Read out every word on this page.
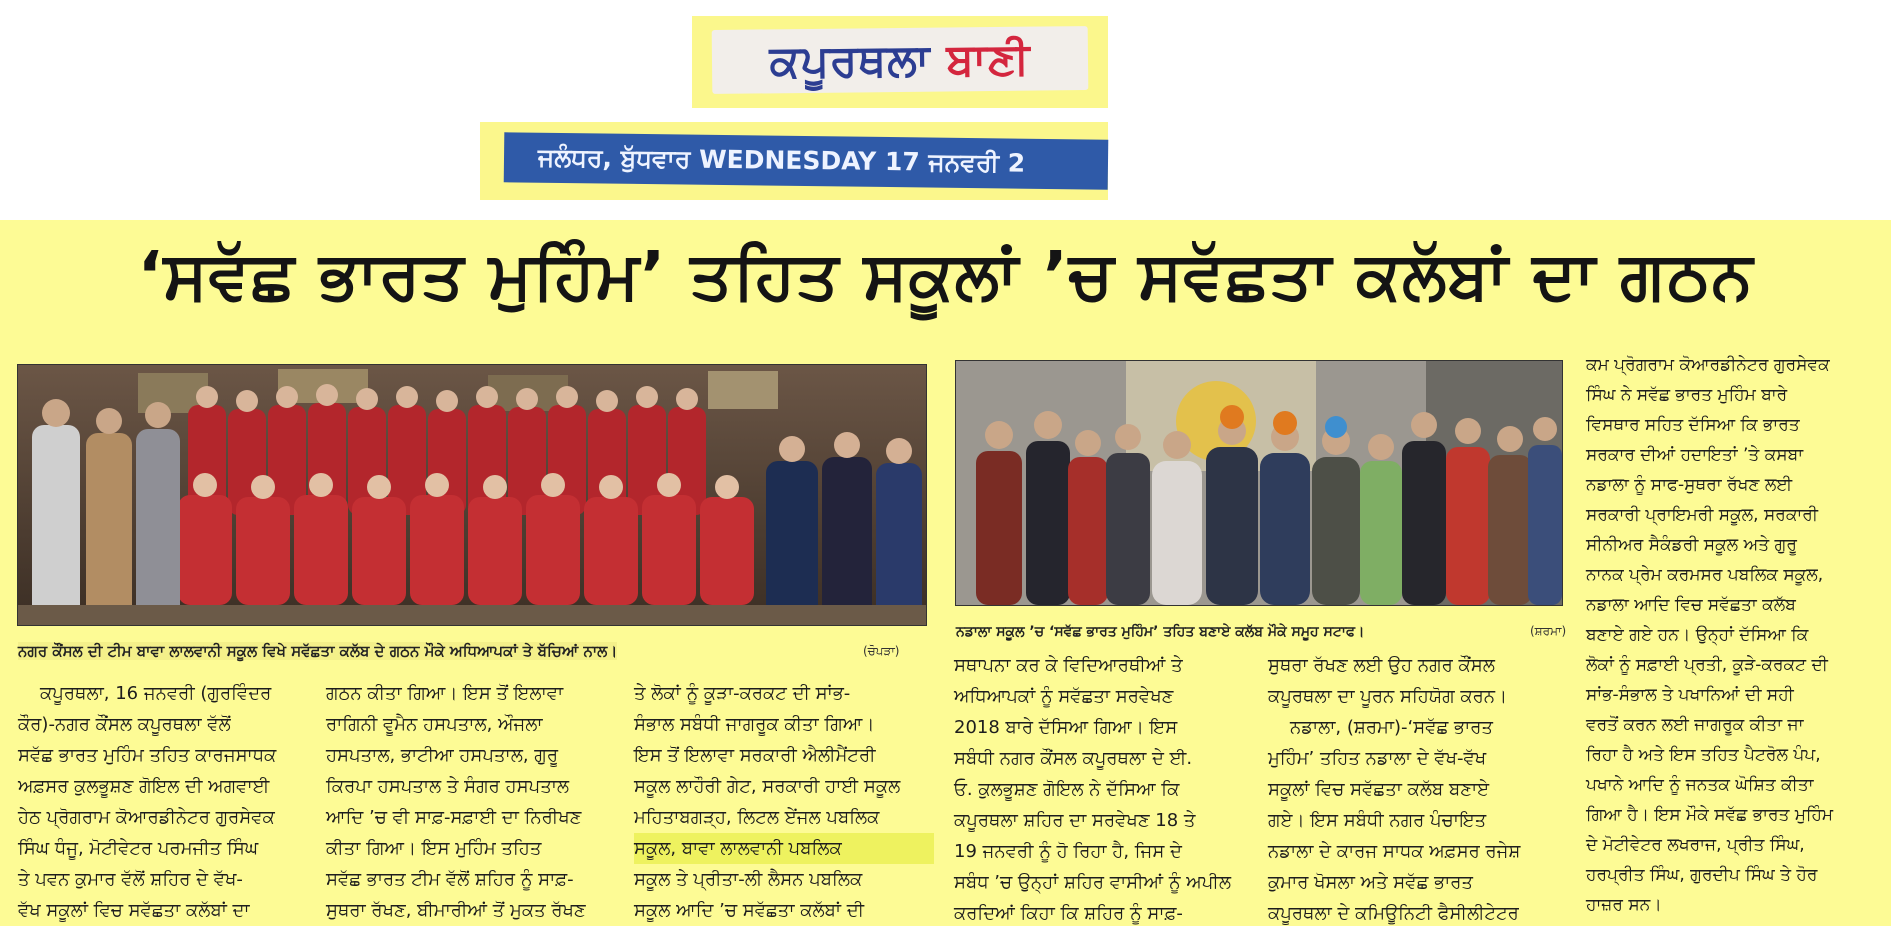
ਕਪੂਰਥਲਾ ਬਾਣੀ
ਜਲੰਧਰ, ਬੁੱਧਵਾਰ WEDNESDAY 17 ਜਨਵਰੀ 2
‘ਸਵੱਛ ਭਾਰਤ ਮੁਹਿੰਮ’ ਤਹਿਤ ਸਕੂਲਾਂ ’ਚ ਸਵੱਛਤਾ ਕਲੱਬਾਂ ਦਾ ਗਠਨ
ਨਗਰ ਕੌਂਸਲ ਦੀ ਟੀਮ ਬਾਵਾ ਲਾਲਵਾਨੀ ਸਕੂਲ ਵਿਖੇ ਸਵੱਛਤਾ ਕਲੱਬ ਦੇ ਗਠਨ ਮੌਕੇ ਅਧਿਆਪਕਾਂ ਤੇ ਬੱਚਿਆਂ ਨਾਲ।	(ਚੋਪੜਾ)
ਨਡਾਲਾ ਸਕੂਲ ’ਚ ‘ਸਵੱਛ ਭਾਰਤ ਮੁਹਿੰਮ’ ਤਹਿਤ ਬਣਾਏ ਕਲੱਬ ਮੌਕੇ ਸਮੂਹ ਸਟਾਫ।	(ਸ਼ਰਮਾ)

ਕਪੂਰਥਲਾ, 16 ਜਨਵਰੀ (ਗੁਰਵਿੰਦਰ

ਕੌਰ)-ਨਗਰ ਕੌਂਸਲ ਕਪੂਰਥਲਾ ਵੱਲੋਂ

ਸਵੱਛ ਭਾਰਤ ਮੁਹਿੰਮ ਤਹਿਤ ਕਾਰਜਸਾਧਕ

ਅਫ਼ਸਰ ਕੁਲਭੂਸ਼ਣ ਗੋਇਲ ਦੀ ਅਗਵਾਈ

ਹੇਠ ਪ੍ਰੋਗਰਾਮ ਕੋਆਰਡੀਨੇਟਰ ਗੁਰਸੇਵਕ

ਸਿੰਘ ਧੰਜੂ, ਮੋਟੀਵੇਟਰ ਪਰਮਜੀਤ ਸਿੰਘ

ਤੇ ਪਵਨ ਕੁਮਾਰ ਵੱਲੋਂ ਸ਼ਹਿਰ ਦੇ ਵੱਖ-

ਵੱਖ ਸਕੂਲਾਂ ਵਿਚ ਸਵੱਛਤਾ ਕਲੱਬਾਂ ਦਾ

ਗਠਨ ਕੀਤਾ ਗਿਆ। ਇਸ ਤੋਂ ਇਲਾਵਾ

ਰਾਗਿਨੀ ਵੂਮੈਨ ਹਸਪਤਾਲ, ਔਜਲਾ

ਹਸਪਤਾਲ, ਭਾਟੀਆ ਹਸਪਤਾਲ, ਗੁਰੂ

ਕਿਰਪਾ ਹਸਪਤਾਲ ਤੇ ਸੰਗਰ ਹਸਪਤਾਲ

ਆਦਿ ’ਚ ਵੀ ਸਾਫ਼-ਸਫ਼ਾਈ ਦਾ ਨਿਰੀਖਣ

ਕੀਤਾ ਗਿਆ। ਇਸ ਮੁਹਿੰਮ ਤਹਿਤ

ਸਵੱਛ ਭਾਰਤ ਟੀਮ ਵੱਲੋਂ ਸ਼ਹਿਰ ਨੂੰ ਸਾਫ਼-

ਸੁਥਰਾ ਰੱਖਣ, ਬੀਮਾਰੀਆਂ ਤੋਂ ਮੁਕਤ ਰੱਖਣ

ਤੇ ਲੋਕਾਂ ਨੂੰ ਕੂੜਾ-ਕਰਕਟ ਦੀ ਸਾਂਭ-

ਸੰਭਾਲ ਸਬੰਧੀ ਜਾਗਰੂਕ ਕੀਤਾ ਗਿਆ।

ਇਸ ਤੋਂ ਇਲਾਵਾ ਸਰਕਾਰੀ ਐਲੀਮੈਂਟਰੀ

ਸਕੂਲ ਲਾਹੌਰੀ ਗੇਟ, ਸਰਕਾਰੀ ਹਾਈ ਸਕੂਲ

ਮਹਿਤਾਬਗੜ੍ਹ, ਲਿਟਲ ਏਂਜਲ ਪਬਲਿਕ

ਸਕੂਲ, ਬਾਵਾ ਲਾਲਵਾਨੀ ਪਬਲਿਕ

ਸਕੂਲ ਤੇ ਪ੍ਰੀਤਾ-ਲੀ ਲੈਸਨ ਪਬਲਿਕ

ਸਕੂਲ ਆਦਿ ’ਚ ਸਵੱਛਤਾ ਕਲੱਬਾਂ ਦੀ

ਸਥਾਪਨਾ ਕਰ ਕੇ ਵਿਦਿਆਰਥੀਆਂ ਤੇ

ਅਧਿਆਪਕਾਂ ਨੂੰ ਸਵੱਛਤਾ ਸਰਵੇਖਣ

2018 ਬਾਰੇ ਦੱਸਿਆ ਗਿਆ। ਇਸ

ਸਬੰਧੀ ਨਗਰ ਕੌਂਸਲ ਕਪੂਰਥਲਾ ਦੇ ਈ.

ਓ. ਕੁਲਭੂਸ਼ਣ ਗੋਇਲ ਨੇ ਦੱਸਿਆ ਕਿ

ਕਪੂਰਥਲਾ ਸ਼ਹਿਰ ਦਾ ਸਰਵੇਖਣ 18 ਤੇ

19 ਜਨਵਰੀ ਨੂੰ ਹੋ ਰਿਹਾ ਹੈ, ਜਿਸ ਦੇ

ਸਬੰਧ ’ਚ ਉਨ੍ਹਾਂ ਸ਼ਹਿਰ ਵਾਸੀਆਂ ਨੂੰ ਅਪੀਲ

ਕਰਦਿਆਂ ਕਿਹਾ ਕਿ ਸ਼ਹਿਰ ਨੂੰ ਸਾਫ਼-

ਸੁਥਰਾ ਰੱਖਣ ਲਈ ਉਹ ਨਗਰ ਕੌਂਸਲ

ਕਪੂਰਥਲਾ ਦਾ ਪੂਰਨ ਸਹਿਯੋਗ ਕਰਨ।

ਨਡਾਲਾ, (ਸ਼ਰਮਾ)-‘ਸਵੱਛ ਭਾਰਤ

ਮੁਹਿੰਮ’ ਤਹਿਤ ਨਡਾਲਾ ਦੇ ਵੱਖ-ਵੱਖ

ਸਕੂਲਾਂ ਵਿਚ ਸਵੱਛਤਾ ਕਲੱਬ ਬਣਾਏ

ਗਏ। ਇਸ ਸਬੰਧੀ ਨਗਰ ਪੰਚਾਇਤ

ਨਡਾਲਾ ਦੇ ਕਾਰਜ ਸਾਧਕ ਅਫ਼ਸਰ ਰਜੇਸ਼

ਕੁਮਾਰ ਖੋਸਲਾ ਅਤੇ ਸਵੱਛ ਭਾਰਤ

ਕਪੂਰਥਲਾ ਦੇ ਕਮਿਊਨਿਟੀ ਫੈਸੀਲੀਟੇਟਰ

ਕਮ ਪ੍ਰੋਗਰਾਮ ਕੋਆਰਡੀਨੇਟਰ ਗੁਰਸੇਵਕ

ਸਿੰਘ ਨੇ ਸਵੱਛ ਭਾਰਤ ਮੁਹਿੰਮ ਬਾਰੇ

ਵਿਸਥਾਰ ਸਹਿਤ ਦੱਸਿਆ ਕਿ ਭਾਰਤ

ਸਰਕਾਰ ਦੀਆਂ ਹਦਾਇਤਾਂ ’ਤੇ ਕਸਬਾ

ਨਡਾਲਾ ਨੂੰ ਸਾਫ-ਸੁਥਰਾ ਰੱਖਣ ਲਈ

ਸਰਕਾਰੀ ਪ੍ਰਾਇਮਰੀ ਸਕੂਲ, ਸਰਕਾਰੀ

ਸੀਨੀਅਰ ਸੈਕੰਡਰੀ ਸਕੂਲ ਅਤੇ ਗੁਰੂ

ਨਾਨਕ ਪ੍ਰੇਮ ਕਰਮਸਰ ਪਬਲਿਕ ਸਕੂਲ,

ਨਡਾਲਾ ਆਦਿ ਵਿਚ ਸਵੱਛਤਾ ਕਲੱਬ

ਬਣਾਏ ਗਏ ਹਨ। ਉਨ੍ਹਾਂ ਦੱਸਿਆ ਕਿ

ਲੋਕਾਂ ਨੂੰ ਸਫ਼ਾਈ ਪ੍ਰਤੀ, ਕੂੜੇ-ਕਰਕਟ ਦੀ

ਸਾਂਭ-ਸੰਭਾਲ ਤੇ ਪਖਾਨਿਆਂ ਦੀ ਸਹੀ

ਵਰਤੋਂ ਕਰਨ ਲਈ ਜਾਗਰੂਕ ਕੀਤਾ ਜਾ

ਰਿਹਾ ਹੈ ਅਤੇ ਇਸ ਤਹਿਤ ਪੈਟਰੋਲ ਪੰਪ,

ਪਖਾਨੇ ਆਦਿ ਨੂੰ ਜਨਤਕ ਘੋਸ਼ਿਤ ਕੀਤਾ

ਗਿਆ ਹੈ। ਇਸ ਮੌਕੇ ਸਵੱਛ ਭਾਰਤ ਮੁਹਿੰਮ

ਦੇ ਮੋਟੀਵੇਟਰ ਲਖਰਾਜ, ਪ੍ਰੀਤ ਸਿੰਘ,

ਹਰਪ੍ਰੀਤ ਸਿੰਘ, ਗੁਰਦੀਪ ਸਿੰਘ ਤੇ ਹੋਰ

ਹਾਜ਼ਰ ਸਨ।
